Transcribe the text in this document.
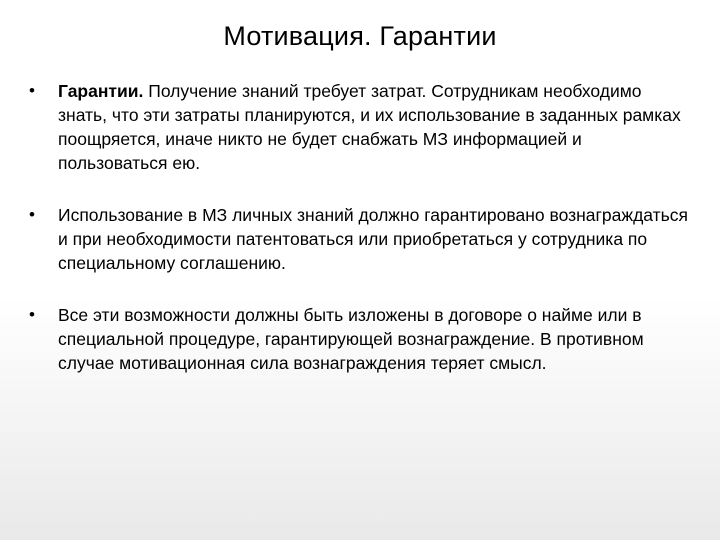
Мотивация. Гарантии
• Гарантии. Получение знаний требует затрат. Сотрудникам необходимо знать, что эти затраты планируются, и их использование в заданных рамках поощряется, иначе никто не будет снабжать МЗ информацией и пользоваться ею.
• Использование в МЗ личных знаний должно гарантировано вознаграждаться и при необходимости патентоваться или приобретаться у сотрудника по специальному соглашению.
• Все эти возможности должны быть изложены в договоре о найме или в специальной процедуре, гарантирующей вознаграждение. В противном случае мотивационная сила вознаграждения теряет смысл.
